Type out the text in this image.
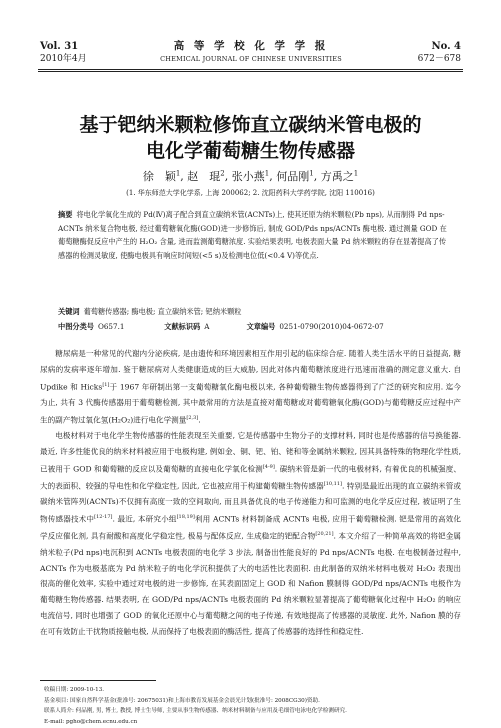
Vol. 31
2010年4月
高 等 学 校 化 学 学 报
CHEMICAL JOURNAL OF CHINESE UNIVERSITIES
No. 4
672－678
基于钯纳米颗粒修饰直立碳纳米管电极的
电化学葡萄糖生物传感器
徐　颖$^1$, 赵　琨$^2$, 张小燕$^1$, 何品刚$^1$, 方禹之$^1$
(1. 华东师范大学化学系, 上海 200062; 2. 沈阳药科大学药学院, 沈阳 110016)
摘要 将电化学氧化生成的 Pd(Ⅳ)离子配合到直立碳纳米管(ACNTs)上, 使其还原为纳米颗粒(Pb nps), 从而制得 Pd nps-ACNTs 纳米复合物电极, 经过葡萄糖氧化酶(GOD)进一步修饰后, 制成 GOD/Pds nps/ACNTs 酶电极. 通过测量 GOD 在葡萄糖酶促反应中产生的 H₂O₂ 含量, 进而监测葡萄糖浓度. 实验结果表明, 电极表面大量 Pd 纳米颗粒的存在显著提高了传感器的检测灵敏度, 使酶电极具有响应时间短(<5 s)及检测电位低(<0.4 V)等优点.
关键词 葡萄糖传感器; 酶电极; 直立碳纳米管; 钯纳米颗粒
中图分类号 O657.1	文献标识码 A	文章编号 0251-0790(2010)04-0672-07

糖尿病是一种常见的代谢内分泌疾病, 是由遗传和环境因素相互作用引起的临床综合症. 随着人类生活水平的日益提高, 糖尿病的发病率逐年增加. 鉴于糖尿病对人类健康造成的巨大威胁, 因此对体内葡萄糖浓度进行迅速而准确的测定意义重大. 自 Updike 和 Hicks[1]于 1967 年研制出第一支葡萄糖氧化酶电极以来, 各种葡萄糖生物传感器得到了广泛的研究和应用. 迄今为止, 共有 3 代酶传感器用于葡萄糖检测, 其中最常用的方法是直接对葡萄糖或对葡萄糖氧化酶(GOD)与葡萄糖反应过程中产生的副产物过氧化氢(H₂O₂)进行电化学测量[2,3].

电极材料对于电化学生物传感器的性能表现至关重要, 它是传感器中生物分子的支撑材料, 同时也是传感器的信号换能器. 最近, 许多性能优良的纳米材料被应用于电极构建, 例如金、铜、钯、铂、铑和等金属纳米颗粒, 因其具备特殊的物理化学性质, 已被用于 GOD 和葡萄糖的反应以及葡萄糖的直接电化学氧化检测[4-9]. 碳纳米管是新一代的电极材料, 有着优良的机械强度、大的表面积、较强的导电性和化学稳定性, 因此, 它也被应用于构建葡萄糖生物传感器[10,11]. 特别是最近出现的直立碳纳米管或碳纳米管阵列(ACNTs)不仅拥有高度一致的空间取向, 而且具备优良的电子传递能力和可监测的电化学反应过程, 被证明了生物传感器技术中[12-17]. 最近, 本研究小组[18,19]利用 ACNTs 材料制备成 ACNTs 电极, 应用于葡萄糖检测. 钯是常用的高效化学反应催化剂, 具有耐酸和高度化学稳定性, 极易与配体反应, 生成稳定的钯配合物[20,21]. 本文介绍了一种简单高效的将钯金属纳米粒子(Pd nps)电沉积到 ACNTs 电极表面的电化学 3 步法, 制备出性能良好的 Pd nps/ACNTs 电极. 在电极制备过程中, ACNTs 作为电极基底为 Pd 纳米粒子的电化学沉积提供了大的电活性比表面积. 由此制备的双纳米材料电极对 H₂O₂ 表现出很高的催化效率, 实验中通过对电极的进一步修饰, 在其表面固定上 GOD 和 Nafion 膜制得 GOD/Pd nps/ACNTs 电极作为葡萄糖生物传感器. 结果表明, 在 GOD/Pd nps/ACNTs 电极表面的 Pd 纳米颗粒显著提高了葡萄糖氧化过程中 H₂O₂ 的响应电流信号, 同时也增强了 GOD 的氧化还原中心与葡萄糖之间的电子传递, 有效地提高了传感器的灵敏度. 此外, Nafion 膜的存在可有效防止干扰物质接触电极, 从而保持了电极表面的酶活性, 提高了传感器的选择性和稳定性.

收稿日期: 2009-10-13.
基金项目: 国家自然科学基金(批准号: 20675031)和上海市教育发展基金会晨光计划(批准号: 2008CG30)资助.
联系人简介: 何品刚, 男, 博士, 教授, 博士生导师, 主要从事生物传感器、纳米材料制备与应用及毛细管电泳电化学检测研究.
E-mail: pgho@chem.ecnu.edu.cn
